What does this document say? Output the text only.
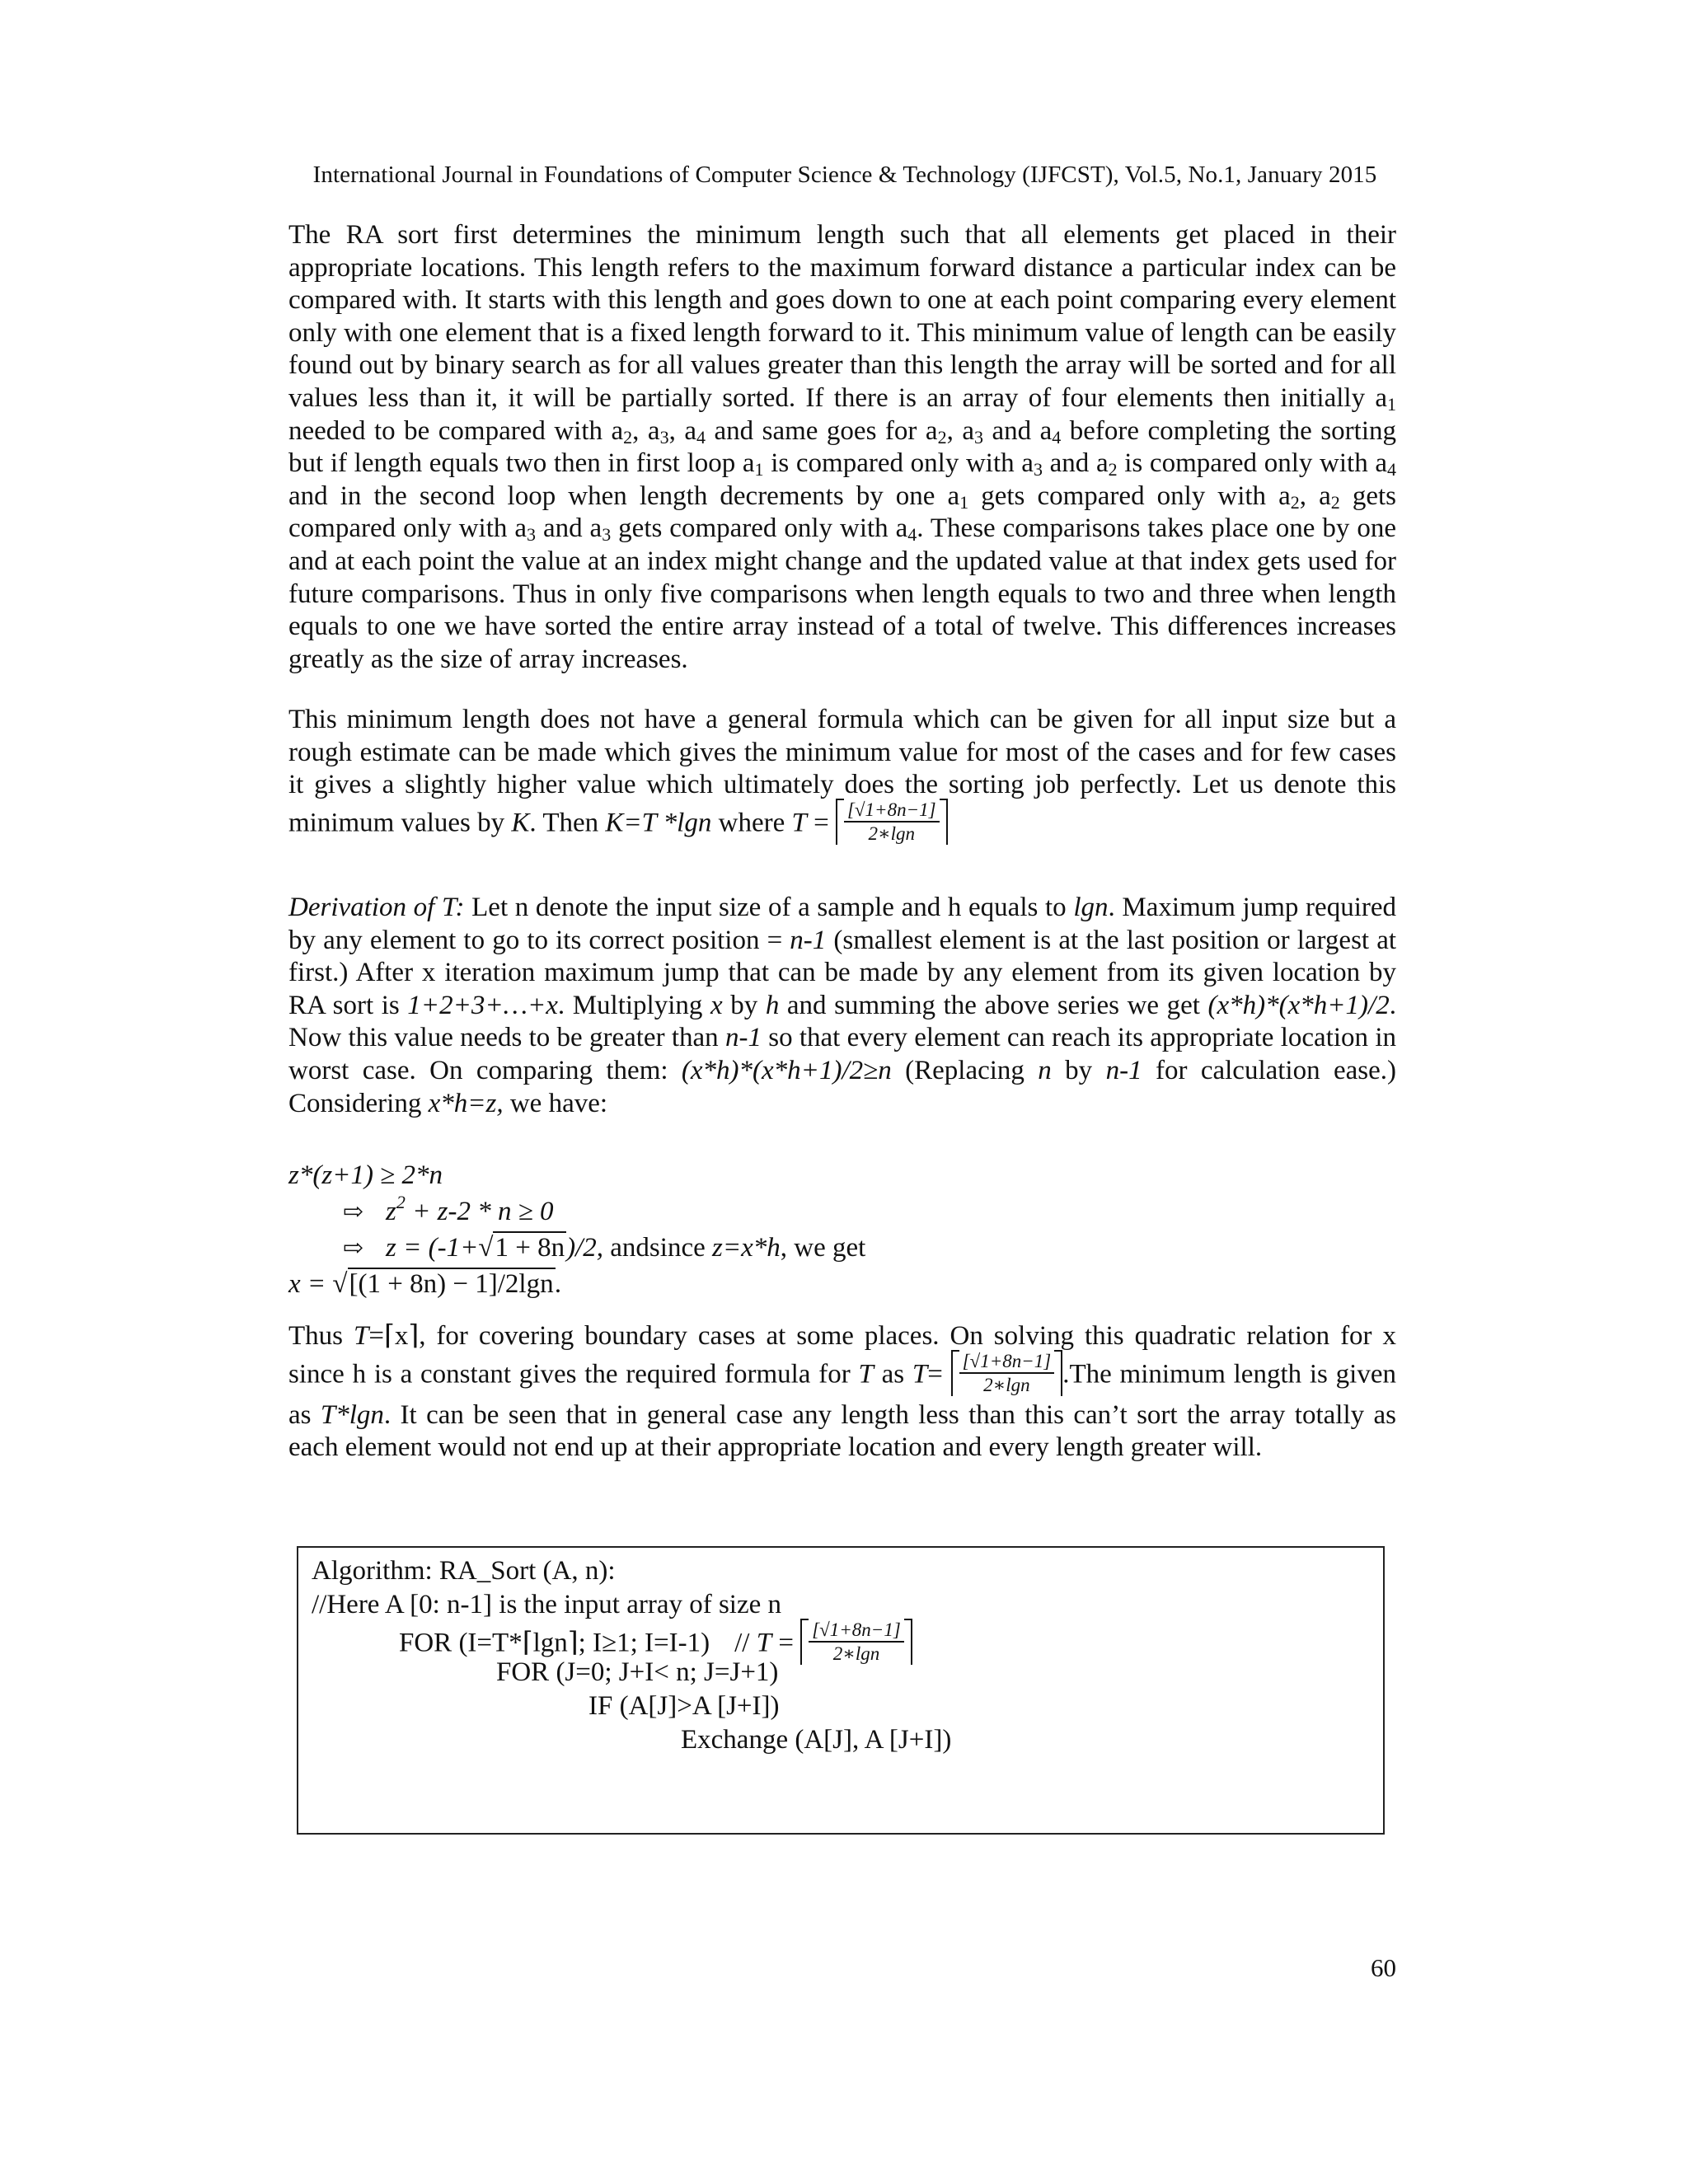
International Journal in Foundations of Computer Science & Technology (IJFCST), Vol.5, No.1, January 2015
The RA sort first determines the minimum length such that all elements get placed in their appropriate locations. This length refers to the maximum forward distance a particular index can be compared with. It starts with this length and goes down to one at each point comparing every element only with one element that is a fixed length forward to it. This minimum value of length can be easily found out by binary search as for all values greater than this length the array will be sorted and for all values less than it, it will be partially sorted. If there is an array of four elements then initially $a_1$ needed to be compared with $a_2$, $a_3$, $a_4$ and same goes for $a_2$, $a_3$ and $a_4$ before completing the sorting but if length equals two then in first loop $a_1$ is compared only with $a_3$ and $a_2$ is compared only with $a_4$ and in the second loop when length decrements by one $a_1$ gets compared only with $a_2$, $a_2$ gets compared only with $a_3$ and $a_3$ gets compared only with $a_4$. These comparisons takes place one by one and at each point the value at an index might change and the updated value at that index gets used for future comparisons. Thus in only five comparisons when length equals to two and three when length equals to one we have sorted the entire array instead of a total of twelve. This differences increases greatly as the size of array increases.
This minimum length does not have a general formula which can be given for all input size but a rough estimate can be made which gives the minimum value for most of the cases and for few cases it gives a slightly higher value which ultimately does the sorting job perfectly. Let us denote this minimum values by K. Then K=T *lgn where $T = \frac{[√1+8n-1]}{2∗\lg n}$
Derivation of T: Let n denote the input size of a sample and h equals to lgn. Maximum jump required by any element to go to its correct position = n-1 (smallest element is at the last position or largest at first.) After x iteration maximum jump that can be made by any element from its given location by RA sort is 1+2+3+…+x. Multiplying x by h and summing the above series we get (x*h)*(x*h+1)/2. Now this value needs to be greater than n-1 so that every element can reach its appropriate location in worst case. On comparing them: (x*h)*(x*h+1)/2≥n (Replacing n by n-1 for calculation ease.) Considering x*h=z, we have:
z*(z+1) ≥ 2*n
⇨ $z^2 + z-2 * n \ge 0$
⇨ z = (-1+√1 + 8n)/2, andsince z=x*h, we get
x = √[(1 + 8n) − 1]/2lgn.
Thus T=⌈x⌉, for covering boundary cases at some places. On solving this quadratic relation for x since h is a constant gives the required formula for T as $T= \frac{[√1+8n-1]}{2∗\lg n} .The$ minimum length is given as T*lgn. It can be seen that in general case any length less than this can’t sort the array totally as each element would not end up at their appropriate location and every length greater will.
Algorithm: RA_Sort (A, n):
//Here A [0: n-1] is the input array of size n
FOR (I=T*⌈lgn⌉; I≥1; $I=I-1) // T = \frac{[√1+8n-1]}{2∗\lg n}$
FOR (J=0; J+I< n; J=J+1)
IF (A[J]>A [J+I])
Exchange (A[J], A [J+I])
60
